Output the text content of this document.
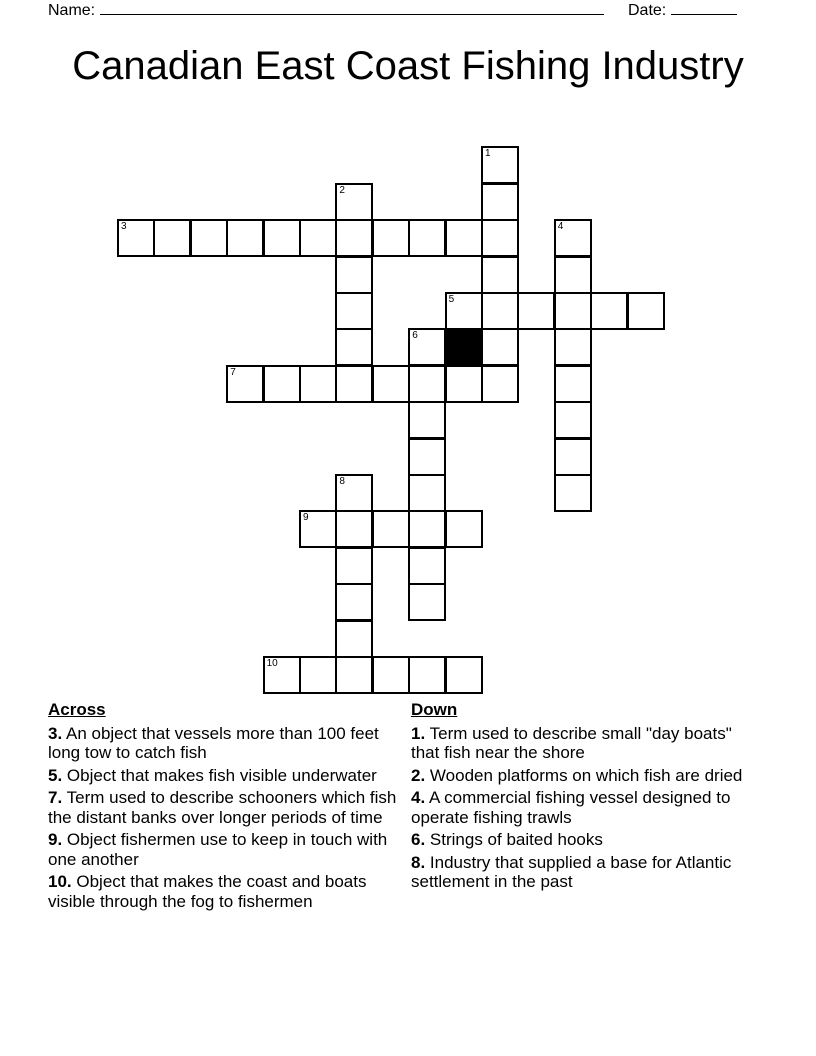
Name:	Date:
Canadian East Coast Fishing Industry
1
2
3	4
5
6
7
8
9
10
Across
3. An object that vessels more than 100 feet long tow to catch fish
5. Object that makes fish visible underwater
7. Term used to describe schooners which fish the distant banks over longer periods of time
9. Object fishermen use to keep in touch with one another
10. Object that makes the coast and boats visible through the fog to fishermen
Down
1. Term used to describe small "day boats" that fish near the shore
2. Wooden platforms on which fish are dried
4. A commercial fishing vessel designed to operate fishing trawls
6. Strings of baited hooks
8. Industry that supplied a base for Atlantic settlement in the past
